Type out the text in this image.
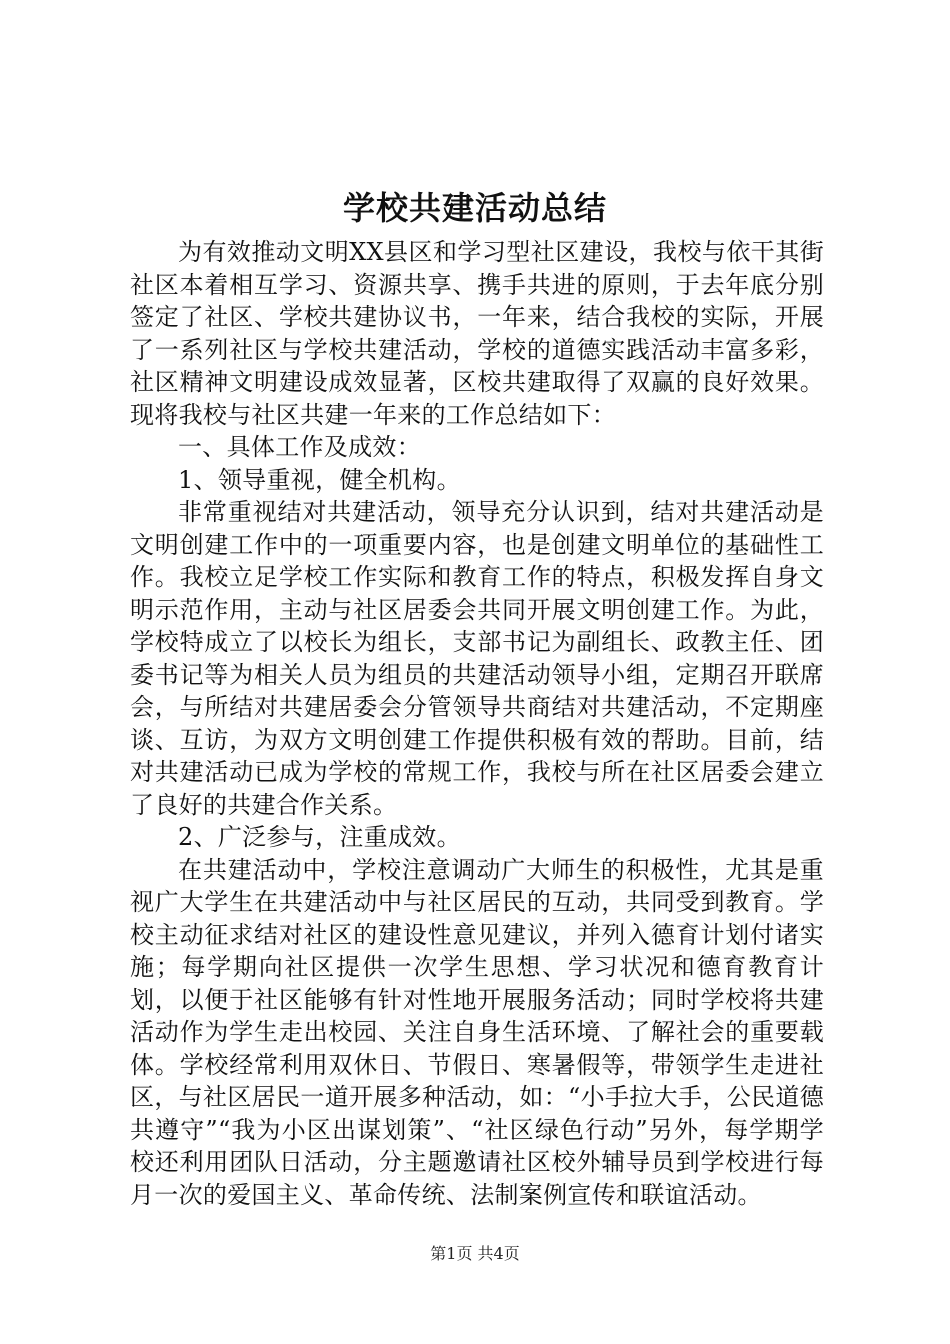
学校共建活动总结

为有效推动文明XX县区和学习型社区建设，我校与依干其街社区本着相互学习、资源共享、携手共进的原则，于去年底分别签定了社区、学校共建协议书，一年来，结合我校的实际，开展了一系列社区与学校共建活动，学校的道德实践活动丰富多彩，社区精神文明建设成效显著，区校共建取得了双赢的良好效果。现将我校与社区共建一年来的工作总结如下：

一、具体工作及成效：

1、领导重视，健全机构。

非常重视结对共建活动，领导充分认识到，结对共建活动是文明创建工作中的一项重要内容，也是创建文明单位的基础性工作。我校立足学校工作实际和教育工作的特点，积极发挥自身文明示范作用，主动与社区居委会共同开展文明创建工作。为此，学校特成立了以校长为组长，支部书记为副组长、政教主任、团委书记等为相关人员为组员的共建活动领导小组，定期召开联席会，与所结对共建居委会分管领导共商结对共建活动，不定期座谈、互访，为双方文明创建工作提供积极有效的帮助。目前，结对共建活动已成为学校的常规工作，我校与所在社区居委会建立了良好的共建合作关系。

2、广泛参与，注重成效。

在共建活动中，学校注意调动广大师生的积极性，尤其是重视广大学生在共建活动中与社区居民的互动，共同受到教育。学校主动征求结对社区的建设性意见建议，并列入德育计划付诸实施；每学期向社区提供一次学生思想、学习状况和德育教育计划，以便于社区能够有针对性地开展服务活动；同时学校将共建活动作为学生走出校园、关注自身生活环境、了解社会的重要载体。学校经常利用双休日、节假日、寒暑假等，带领学生走进社区，与社区居民一道开展多种活动，如：“小手拉大手，公民道德共遵守”“我为小区出谋划策”、“社区绿色行动”另外，每学期学校还利用团队日活动，分主题邀请社区校外辅导员到学校进行每月一次的爱国主义、革命传统、法制案例宣传和联谊活动。

第1页 共4页
